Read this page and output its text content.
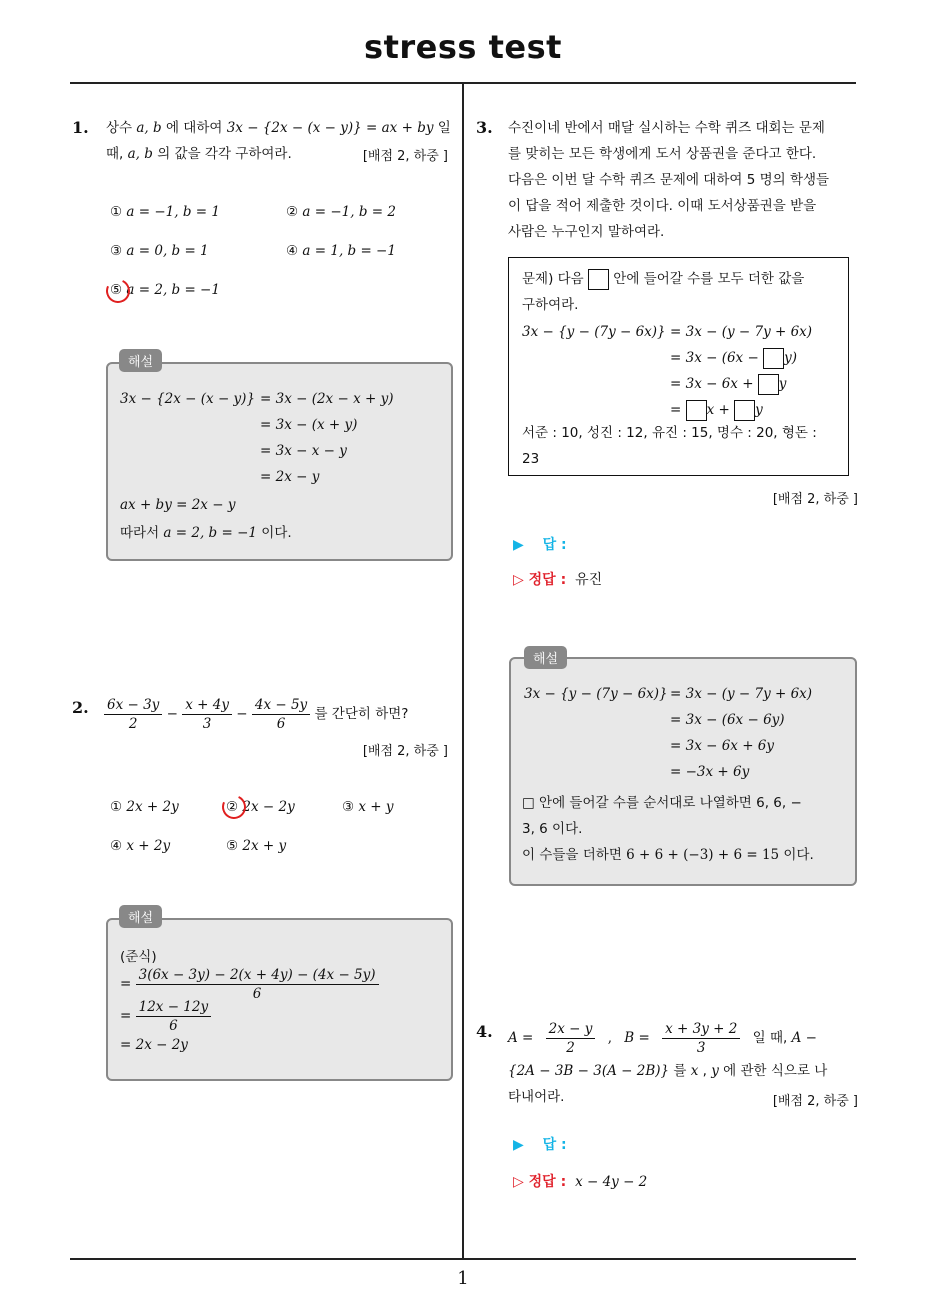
stress test
1
1. 상수 a, b 에 대하여 3x − {2x − (x − y)} = ax + by 일
때, a, b 의 값을 각각 구하여라.	[배점 2, 하중 ]
① a = −1, b = 1	② a = −1, b = 2
③ a = 0, b = 1	④ a = 1, b = −1
⑤ a = 2, b = −1
해설
3x − {2x − (x − y)} = 3x − (2x − x + y)
= 3x − (x + y)
= 3x − x − y
= 2x − y
ax + by = 2x − y
따라서 a = 2, b = −1 이다.
2. $\frac{6x - 3y}{2} - \frac{x + 4y}{3} - \frac{4x - 5y}{6}$ 를 간단히 하면?
[배점 2, 하중 ]
① 2x + 2y	② 2x − 2y	③ x + y
④ x + 2y	⑤ 2x + y
해설
(준식)
= $\frac{3(6x - 3y) - 2(x + 4y) - (4x - 5y)}{6}$
= $\frac{12x - 12y}{6}$
= 2x − 2y
3. 수진이네 반에서 매달 실시하는 수학 퀴즈 대회는 문제
를 맞히는 모든 학생에게 도서 상품권을 준다고 한다.
다음은 이번 달 수학 퀴즈 문제에 대하여 5 명의 학생들
이 답을 적어 제출한 것이다. 이때 도서상품권을 받을
사람은 누구인지 말하여라.
문제) 다음  안에 들어갈 수를 모두 더한 값을
구하여라.
3x − {y − (7y − 6x)} = 3x − (y − 7y + 6x)
= 3x − (6x − y)
= 3x − 6x + y
= x + y
서준 : 10, 성진 : 12, 유진 : 15, 명수 : 20, 형돈 :
23
[배점 2, 하중 ]
▶ 답 :
▷ 정답 : 유진
해설
3x − {y − (7y − 6x)} = 3x − (y − 7y + 6x)
= 3x − (6x − 6y)
= 3x − 6x + 6y
= −3x + 6y
□ 안에 들어갈 수를 순서대로 나열하면 6, 6, −
3, 6 이다.
이 수들을 더하면 6 + 6 + (−3) + 6 = 15 이다.
4. $A = \frac{2x - y}{2}$ , $B = \frac{x + 3y + 2}{3}$ 일 때, A −
{2A − 3B − 3(A − 2B)} 를 x , y 에 관한 식으로 나
타내어라.	[배점 2, 하중 ]
▶ 답 :
▷ 정답 : x − 4y − 2
